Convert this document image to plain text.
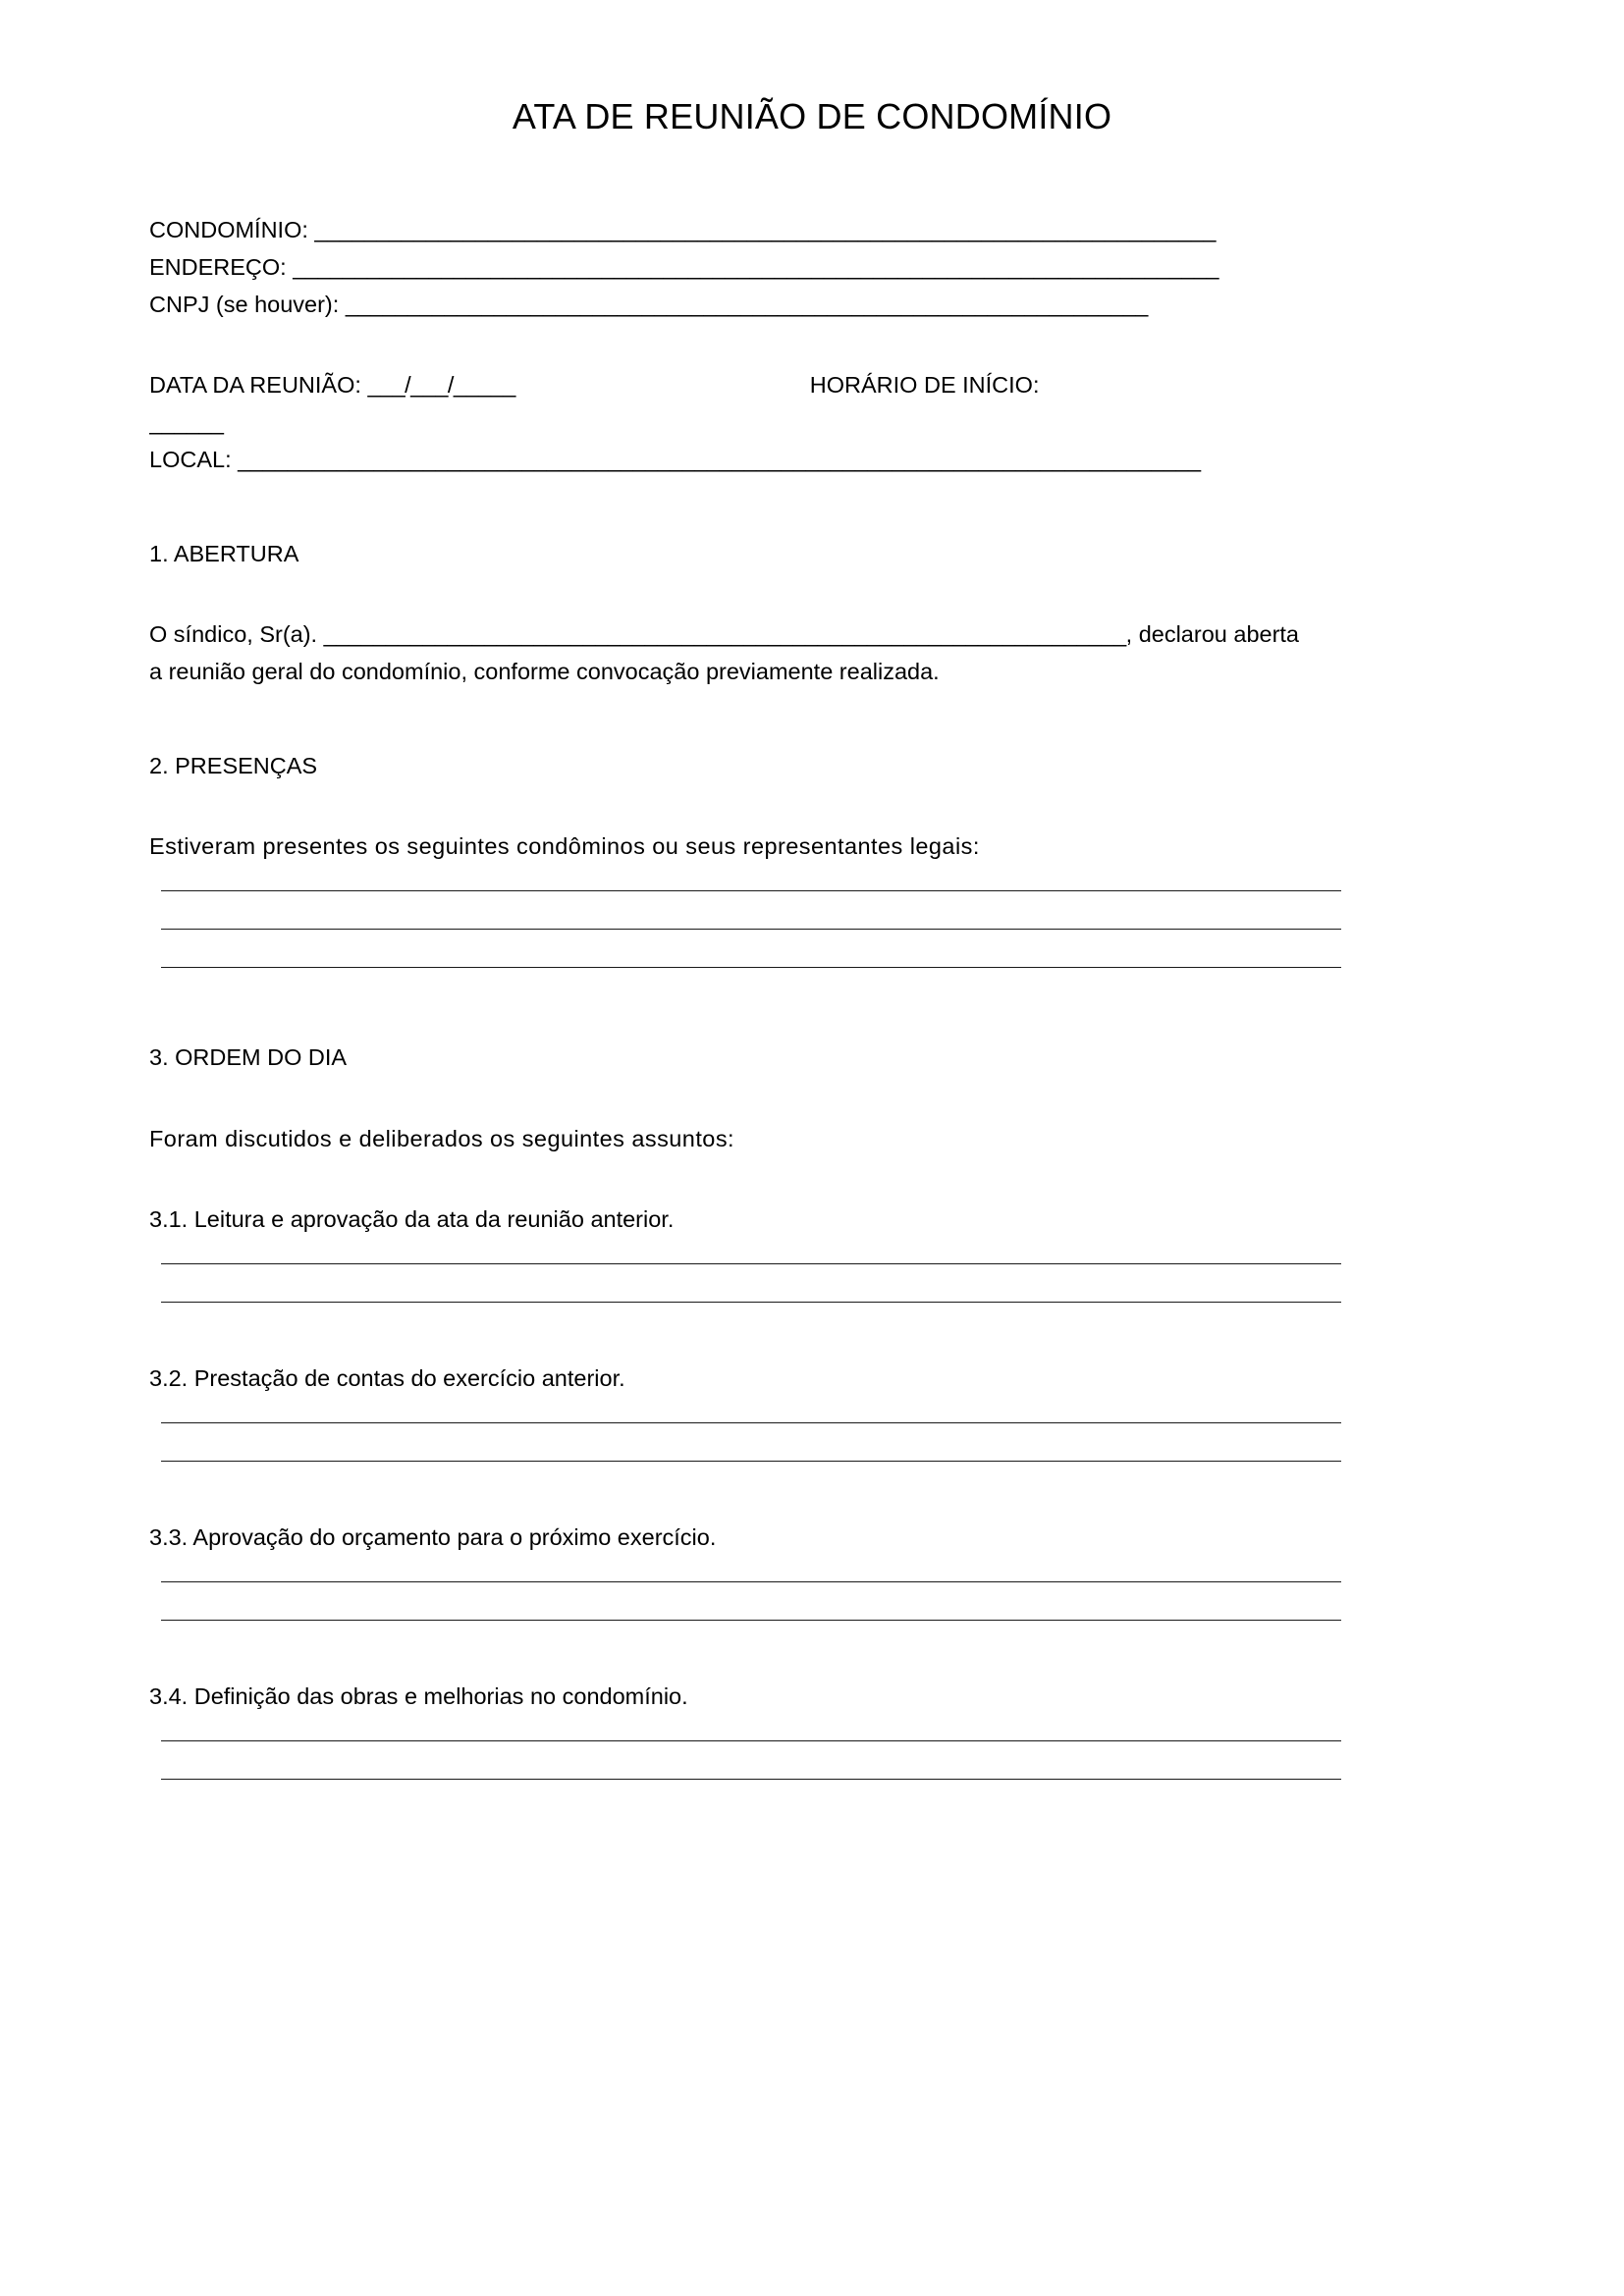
ATA DE REUNIÃO DE CONDOMÍNIO
CONDOMÍNIO: _________________________________________________________________________
ENDEREÇO: ___________________________________________________________________________
CNPJ (se houver): _________________________________________________________________
DATA DA REUNIÃO: ___/___/_____	HORÁRIO DE INÍCIO:
______
LOCAL: ______________________________________________________________________________
1. ABERTURA
O síndico, Sr(a). _________________________________________________________________, declarou aberta
a reunião geral do condomínio, conforme convocação previamente realizada.
2. PRESENÇAS
Estiveram presentes os seguintes condôminos ou seus representantes legais:
3. ORDEM DO DIA
Foram discutidos e deliberados os seguintes assuntos:
3.1. Leitura e aprovação da ata da reunião anterior.
3.2. Prestação de contas do exercício anterior.
3.3. Aprovação do orçamento para o próximo exercício.
3.4. Definição das obras e melhorias no condomínio.
